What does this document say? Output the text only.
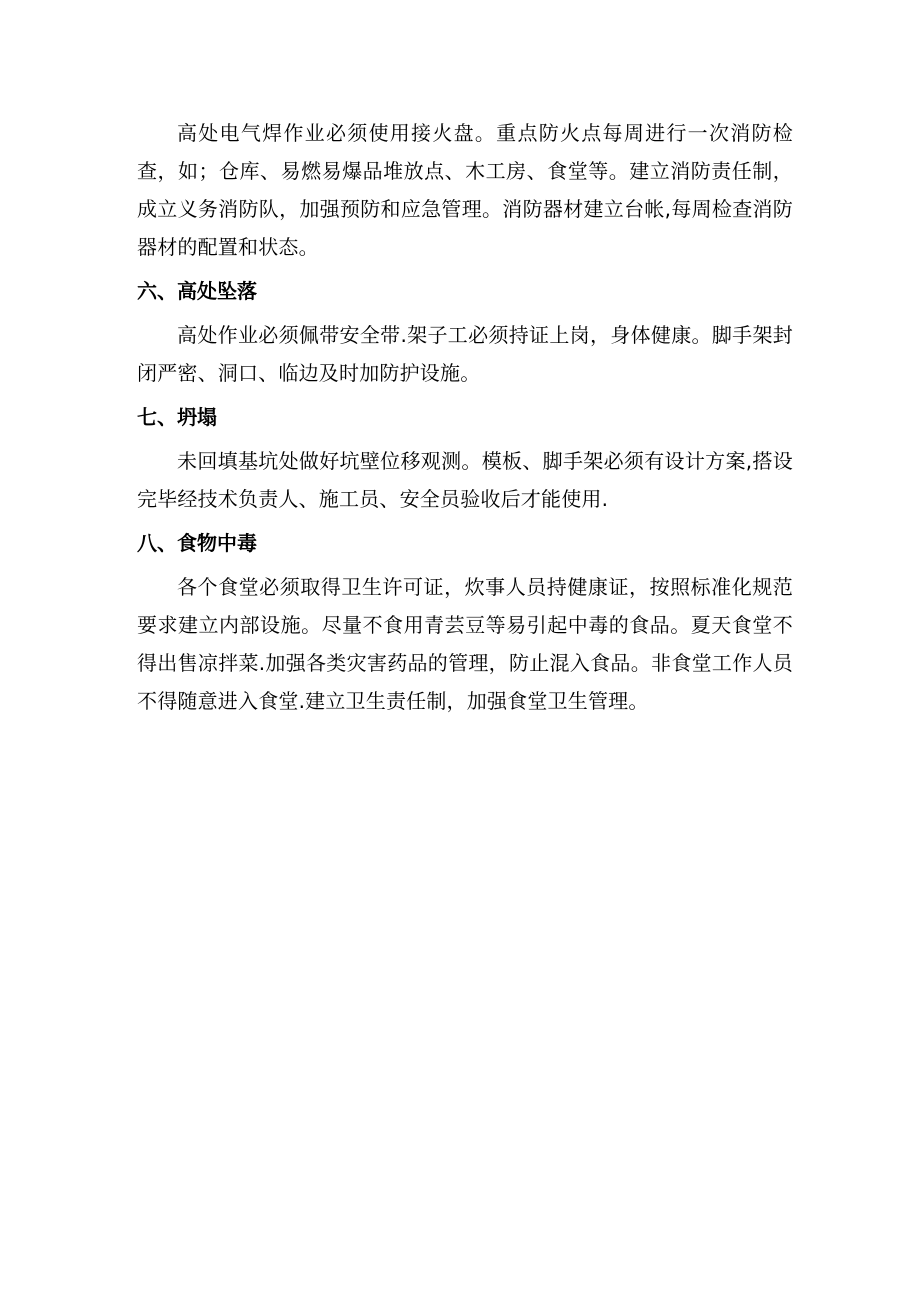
高处电气焊作业必须使用接火盘。重点防火点每周进行一次消防检查，如；仓库、易燃易爆品堆放点、木工房、食堂等。建立消防责任制，成立义务消防队，加强预防和应急管理。消防器材建立台帐,每周检查消防器材的配置和状态。

六、高处坠落

高处作业必须佩带安全带.架子工必须持证上岗，身体健康。脚手架封闭严密、洞口、临边及时加防护设施。

七、坍塌

未回填基坑处做好坑壁位移观测。模板、脚手架必须有设计方案,搭设完毕经技术负责人、施工员、安全员验收后才能使用.

八、食物中毒

各个食堂必须取得卫生许可证，炊事人员持健康证，按照标准化规范要求建立内部设施。尽量不食用青芸豆等易引起中毒的食品。夏天食堂不得出售凉拌菜.加强各类灾害药品的管理，防止混入食品。非食堂工作人员不得随意进入食堂.建立卫生责任制，加强食堂卫生管理。
